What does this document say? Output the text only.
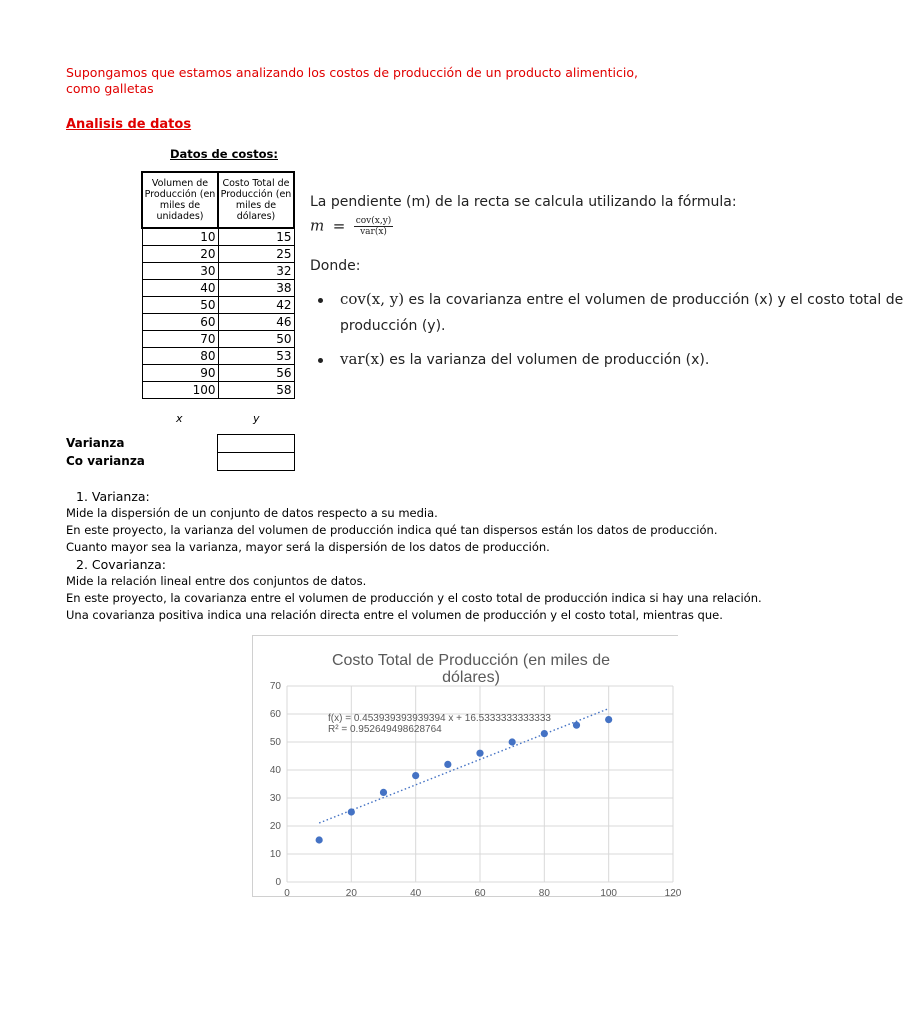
Supongamos que estamos analizando los costos de producción de un producto alimenticio,
como galletas
Analisis de datos
Datos de costos:
Volumen de Producción (en miles de unidades)	Costo Total de Producción (en miles de dólares)
10	15
20	25
30	32
40	38
50	42
60	46
70	50
80	53
90	56
100	58
x	y
Varianza
Co varianza
La pendiente (m) de la recta se calcula utilizando la fórmula:
$m = \frac{\text{cov(x,y)}}{\text{var(x)}}$
Donde:
cov(x, y) es la covarianza entre el volumen de producción (x) y el costo total de
producción (y).
var(x) es la varianza del volumen de producción (x).
1. Varianza:
Mide la dispersión de un conjunto de datos respecto a su media.
En este proyecto, la varianza del volumen de producción indica qué tan dispersos están los datos de producción.
Cuanto mayor sea la varianza, mayor será la dispersión de los datos de producción.
2. Covarianza:
Mide la relación lineal entre dos conjuntos de datos.
En este proyecto, la covarianza entre el volumen de producción y el costo total de producción indica si hay una relación.
Una covarianza positiva indica una relación directa entre el volumen de producción y el costo total, mientras que.
Costo Total de Producción (en miles de
dólares)
0
10
20
30
40
50
60
70
0	20	40	60	80	100	120
f(x) = 0.453939393939394 x + 16.5333333333333
R² = 0.952649498628764
